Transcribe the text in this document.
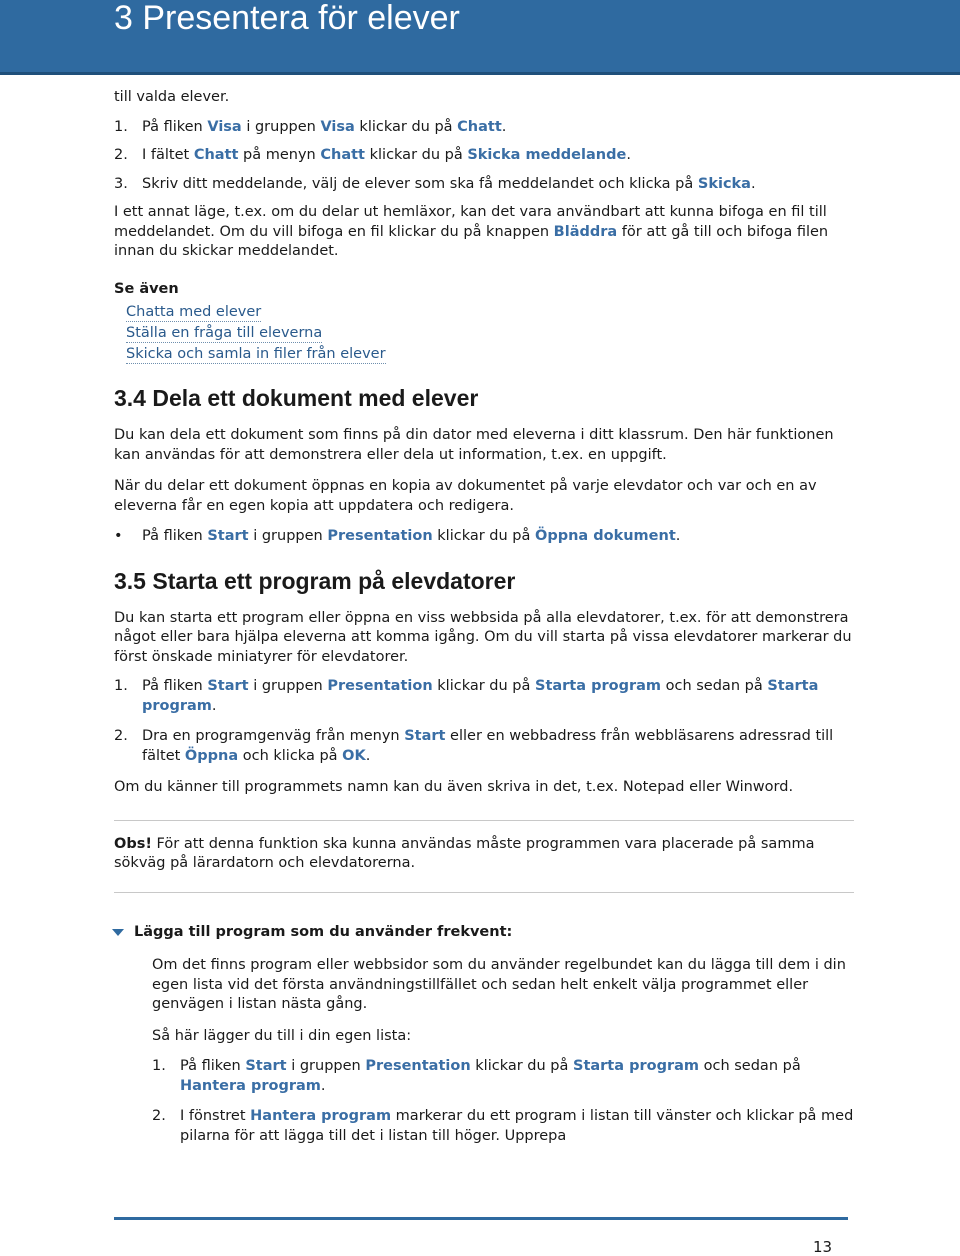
3 Presentera för elever

till valda elever.

1. På fliken Visa i gruppen Visa klickar du på Chatt.
2. I fältet Chatt på menyn Chatt klickar du på Skicka meddelande.
3. Skriv ditt meddelande, välj de elever som ska få meddelandet och klicka på Skicka.

I ett annat läge, t.ex. om du delar ut hemläxor, kan det vara användbart att kunna bifoga en fil till meddelandet. Om du vill bifoga en fil klickar du på knappen Bläddra för att gå till och bifoga filen innan du skickar meddelandet.

Se även

Chatta med elever
Ställa en fråga till eleverna
Skicka och samla in filer från elever
3.4 Dela ett dokument med elever

Du kan dela ett dokument som finns på din dator med eleverna i ditt klassrum. Den här funktionen kan användas för att demonstrera eller dela ut information, t.ex. en uppgift.

När du delar ett dokument öppnas en kopia av dokumentet på varje elevdator och var och en av eleverna får en egen kopia att uppdatera och redigera.

• På fliken Start i gruppen Presentation klickar du på Öppna dokument.
3.5 Starta ett program på elevdatorer

Du kan starta ett program eller öppna en viss webbsida på alla elevdatorer, t.ex. för att demonstrera något eller bara hjälpa eleverna att komma igång. Om du vill starta på vissa elevdatorer markerar du först önskade miniatyrer för elevdatorer.

1. På fliken Start i gruppen Presentation klickar du på Starta program och sedan på Starta program.
2. Dra en programgenväg från menyn Start eller en webbadress från webbläsarens adressrad till fältet Öppna och klicka på OK.

Om du känner till programmets namn kan du även skriva in det, t.ex. Notepad eller Winword.

Obs! För att denna funktion ska kunna användas måste programmen vara placerade på samma sökväg på lärardatorn och elevdatorerna.

Lägga till program som du använder frekvent:

Om det finns program eller webbsidor som du använder regelbundet kan du lägga till dem i din egen lista vid det första användningstillfället och sedan helt enkelt välja programmet eller genvägen i listan nästa gång.

Så här lägger du till i din egen lista:

1. På fliken Start i gruppen Presentation klickar du på Starta program och sedan på Hantera program.
2. I fönstret Hantera program markerar du ett program i listan till vänster och klickar på med pilarna för att lägga till det i listan till höger. Upprepa
13
